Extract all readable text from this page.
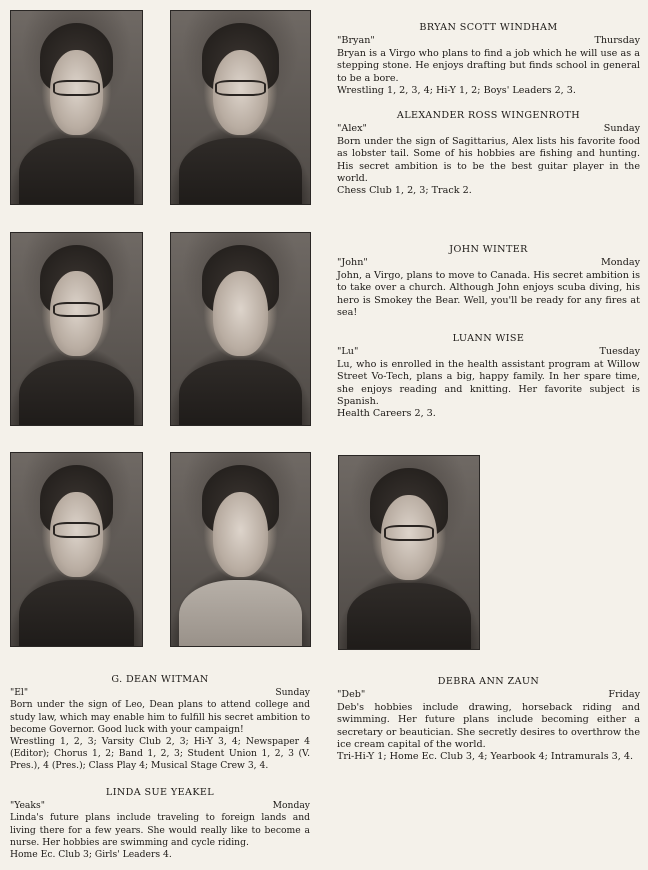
BRYAN SCOTT WINDHAM
"Bryan"	Thursday

Bryan is a Virgo who plans to find a job which he will use as a stepping stone. He enjoys drafting but finds school in general to be a bore.

Wrestling 1, 2, 3, 4; Hi-Y 1, 2; Boys' Leaders 2, 3.

ALEXANDER ROSS WINGENROTH
"Alex"	Sunday

Born under the sign of Sagittarius, Alex lists his favorite food as lobster tail. Some of his hobbies are fishing and hunting. His secret ambition is to be the best guitar player in the world.

Chess Club 1, 2, 3; Track 2.

JOHN WINTER
"John"	Monday

John, a Virgo, plans to move to Canada. His secret ambition is to take over a church. Although John enjoys scuba diving, his hero is Smokey the Bear. Well, you'll be ready for any fires at sea!

LUANN WISE
"Lu"	Tuesday

Lu, who is enrolled in the health assistant program at Willow Street Vo-Tech, plans a big, happy family. In her spare time, she enjoys reading and knitting. Her favorite subject is Spanish.

Health Careers 2, 3.

G. DEAN WITMAN
"El"	Sunday

Born under the sign of Leo, Dean plans to attend college and study law, which may enable him to fulfill his secret ambition to become Governor. Good luck with your campaign!

Wrestling 1, 2, 3; Varsity Club 2, 3; Hi-Y 3, 4; Newspaper 4 (Editor); Chorus 1, 2; Band 1, 2, 3; Student Union 1, 2, 3 (V. Pres.), 4 (Pres.); Class Play 4; Musical Stage Crew 3, 4.

LINDA SUE YEAKEL
"Yeaks"	Monday

Linda's future plans include traveling to foreign lands and living there for a few years. She would really like to become a nurse. Her hobbies are swimming and cycle riding.

Home Ec. Club 3; Girls' Leaders 4.

DEBRA ANN ZAUN
"Deb"	Friday

Deb's hobbies include drawing, horseback riding and swimming. Her future plans include becoming either a secretary or beautician. She secretly desires to overthrow the ice cream capital of the world.

Tri-Hi-Y 1; Home Ec. Club 3, 4; Yearbook 4; Intramurals 3, 4.
